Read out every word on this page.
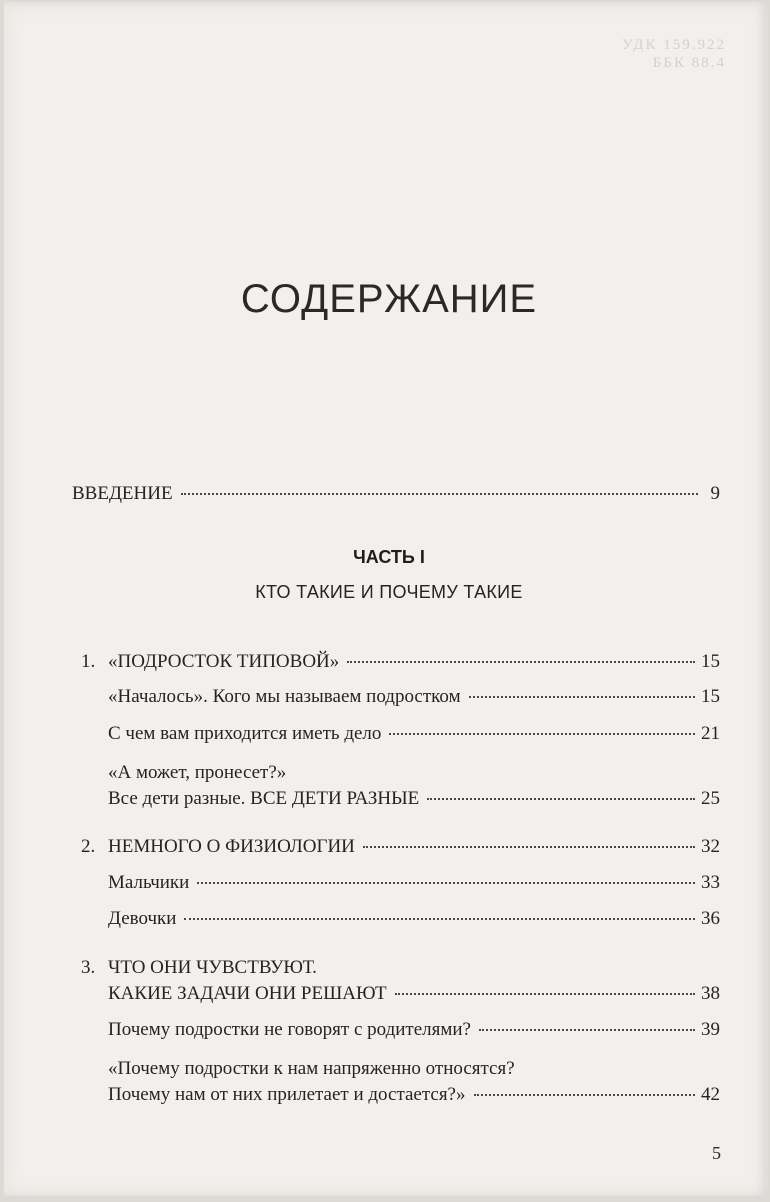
УДК 159.922
ББК 88.4
СОДЕРЖАНИЕ
ВВЕДЕНИЕ	9
ЧАСТЬ I
КТО ТАКИЕ И ПОЧЕМУ ТАКИЕ
1. «ПОДРОСТОК ТИПОВОЙ»	15
«Началось». Кого мы называем подростком	15
С чем вам приходится иметь дело	21
«А может, пронесет?»
Все дети разные. ВСЕ ДЕТИ РАЗНЫЕ	25
2. НЕМНОГО О ФИЗИОЛОГИИ	32
Мальчики	33
Девочки	36
3. ЧТО ОНИ ЧУВСТВУЮТ.
КАКИЕ ЗАДАЧИ ОНИ РЕШАЮТ	38
Почему подростки не говорят с родителями?	39
«Почему подростки к нам напряженно относятся?
Почему нам от них прилетает и достается?»	42
5
